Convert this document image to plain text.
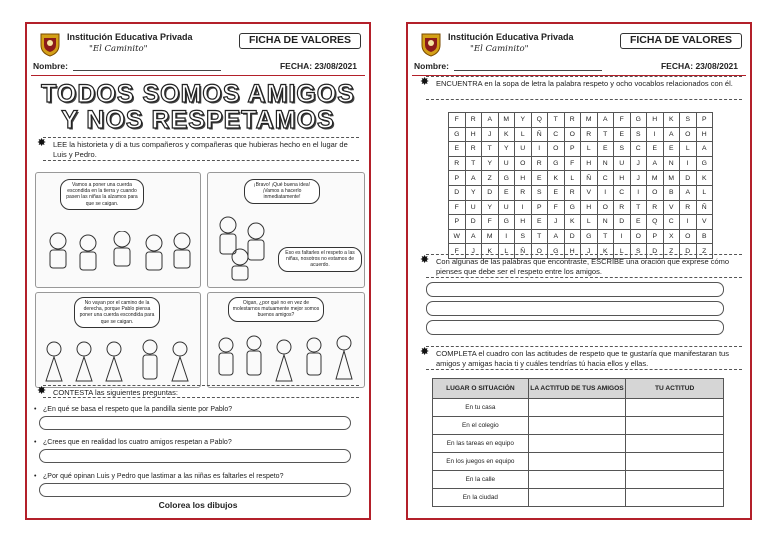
Institución Educativa Privada
"El Caminito"
FICHA DE VALORES
Nombre:	FECHA: 23/08/2021
TODOS SOMOS AMIGOS
Y NOS RESPETAMOS
✸ LEE la historieta y di a tus compañeros y compañeras que hubieras hecho en el lugar de Luis y Pedro.
Vamos a poner una cuerda escondida en la tierra y cuando pasen las niñas la alzamos para que se caigan.
¡Bravo! ¡Qué buena idea! ¡Vamos a hacerlo inmediatamente!
Eso es faltarles el respeto a las niñas, nosotros no estamos de acuerdo.
No vayan por el camino de la derecha, porque Pablo piensa poner una cuerda escondida para que se caigan.
Oigan, ¿por qué no en vez de molestarnos mutuamente mejor somos buenos amigos?
✸ CONTESTA las siguientes preguntas:
• ¿En qué se basa el respeto que la pandilla siente por Pablo?
• ¿Crees que en realidad los cuatro amigos respetan a Pablo?
• ¿Por qué opinan Luis y Pedro que lastimar a las niñas es faltarles el respeto?
Colorea los dibujos
Institución Educativa Privada
"El Caminito"
FICHA DE VALORES
Nombre:	FECHA: 23/08/2021
✸ ENCUENTRA en la sopa de letra la palabra respeto y ocho vocablos relacionados con él.
F	R	A	M	Y	Q	T	R	M	A	F	G	H	K	S	P
G	H	J	K	L	Ñ	C	O	R	T	E	S	I	A	O	H
E	R	T	Y	U	I	O	P	L	E	S	C	E	E	L	A
R	T	Y	U	O	R	G	F	H	N	U	J	A	N	I	G
P	A	Z	G	H	E	K	L	Ñ	C	H	J	M	M	D	K
D	Y	D	E	R	S	E	R	V	I	C	I	O	B	A	L
F	U	Y	U	I	P	F	G	H	O	R	T	R	V	R	Ñ
P	D	F	G	H	E	J	K	L	N	D	E	Q	C	I	V
W	A	M	I	S	T	A	D	G	T	I	O	P	X	O	B
F	J	K	L	Ñ	O	G	H	J	K	L	S	D	Z	D	Z
✸ Con algunas de las palabras que encontraste, ESCRIBE una oración que exprese cómo pienses que debe ser el respeto entre los amigos.
✸ COMPLETA el cuadro con las actitudes de respeto que te gustaría que manifestaran tus amigos y amigas hacia ti y cuáles tendrías tú hacia ellos y ellas.
LUGAR O SITUACIÓN	LA ACTITUD DE TUS AMIGOS	TU ACTITUD
En tu casa		
En el colegio		
En las tareas en equipo		
En los juegos en equipo		
En la calle		
En la ciudad		
